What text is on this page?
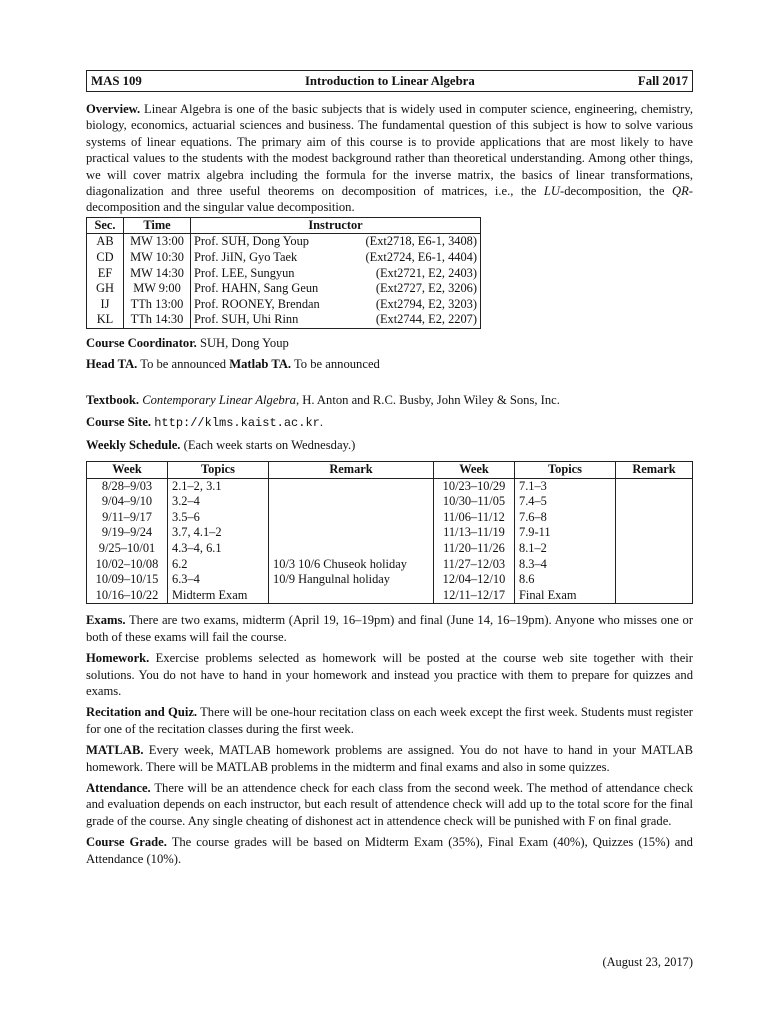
MAS 109	Introduction to Linear Algebra	Fall 2017

Overview. Linear Algebra is one of the basic subjects that is widely used in computer science, engineering, chemistry, biology, economics, actuarial sciences and business. The fundamental question of this subject is how to solve various systems of linear equations. The primary aim of this course is to provide applications that are most likely to have practical values to the students with the modest background rather than theoretical understanding. Among other things, we will cover matrix algebra including the formula for the inverse matrix, the basics of linear transformations, diagonalization and three useful theorems on decomposition of matrices, i.e., the LU-decomposition, the QR-decomposition and the singular value decomposition.

Sec.	Time	Instructor
AB	MW 13:00	Prof. SUH, Dong Youp (Ext2718, E6-1, 3408)

CD	MW 10:30	Prof. JiIN, Gyo Taek (Ext2724, E6-1, 4404)

EF	MW 14:30	Prof. LEE, Sungyun (Ext2721, E2, 2403)

GH	MW 9:00	Prof. HAHN, Sang Geun (Ext2727, E2, 3206)

IJ	TTh 13:00	Prof. ROONEY, Brendan (Ext2794, E2, 3203)

KL	TTh 14:30	Prof. SUH, Uhi Rinn (Ext2744, E2, 2207)

Course Coordinator. SUH, Dong Youp

Head TA. To be announced Matlab TA. To be announced

Textbook. Contemporary Linear Algebra, H. Anton and R.C. Busby, John Wiley & Sons, Inc.

Course Site. http://klms.kaist.ac.kr.

Weekly Schedule. (Each week starts on Wednesday.)

Week	Topics	Remark	Week	Topics	Remark
8/28–9/03	2.1–2, 3.1		10/23–10/29	7.1–3	
9/04–9/10	3.2–4		10/30–11/05	7.4–5	
9/11–9/17	3.5–6		11/06–11/12	7.6–8	
9/19–9/24	3.7, 4.1–2		11/13–11/19	7.9-11	
9/25–10/01	4.3–4, 6.1		11/20–11/26	8.1–2	
10/02–10/08	6.2	10/3 10/6 Chuseok holiday	11/27–12/03	8.3–4	
10/09–10/15	6.3–4	10/9 Hangulnal holiday	12/04–12/10	8.6	
10/16–10/22	Midterm Exam		12/11–12/17	Final Exam	

Exams. There are two exams, midterm (April 19, 16–19pm) and final (June 14, 16–19pm). Anyone who misses one or both of these exams will fail the course.

Homework. Exercise problems selected as homework will be posted at the course web site together with their solutions. You do not have to hand in your homework and instead you practice with them to prepare for quizzes and exams.

Recitation and Quiz. There will be one-hour recitation class on each week except the first week. Students must register for one of the recitation classes during the first week.

MATLAB. Every week, MATLAB homework problems are assigned. You do not have to hand in your MATLAB homework. There will be MATLAB problems in the midterm and final exams and also in some quizzes.

Attendance. There will be an attendence check for each class from the second week. The method of attendance check and evaluation depends on each instructor, but each result of attendence check will add up to the total score for the final grade of the course. Any single cheating of dishonest act in attendence check will be punished with F on final grade.

Course Grade. The course grades will be based on Midterm Exam (35%), Final Exam (40%), Quizzes (15%) and Attendance (10%).

(August 23, 2017)
